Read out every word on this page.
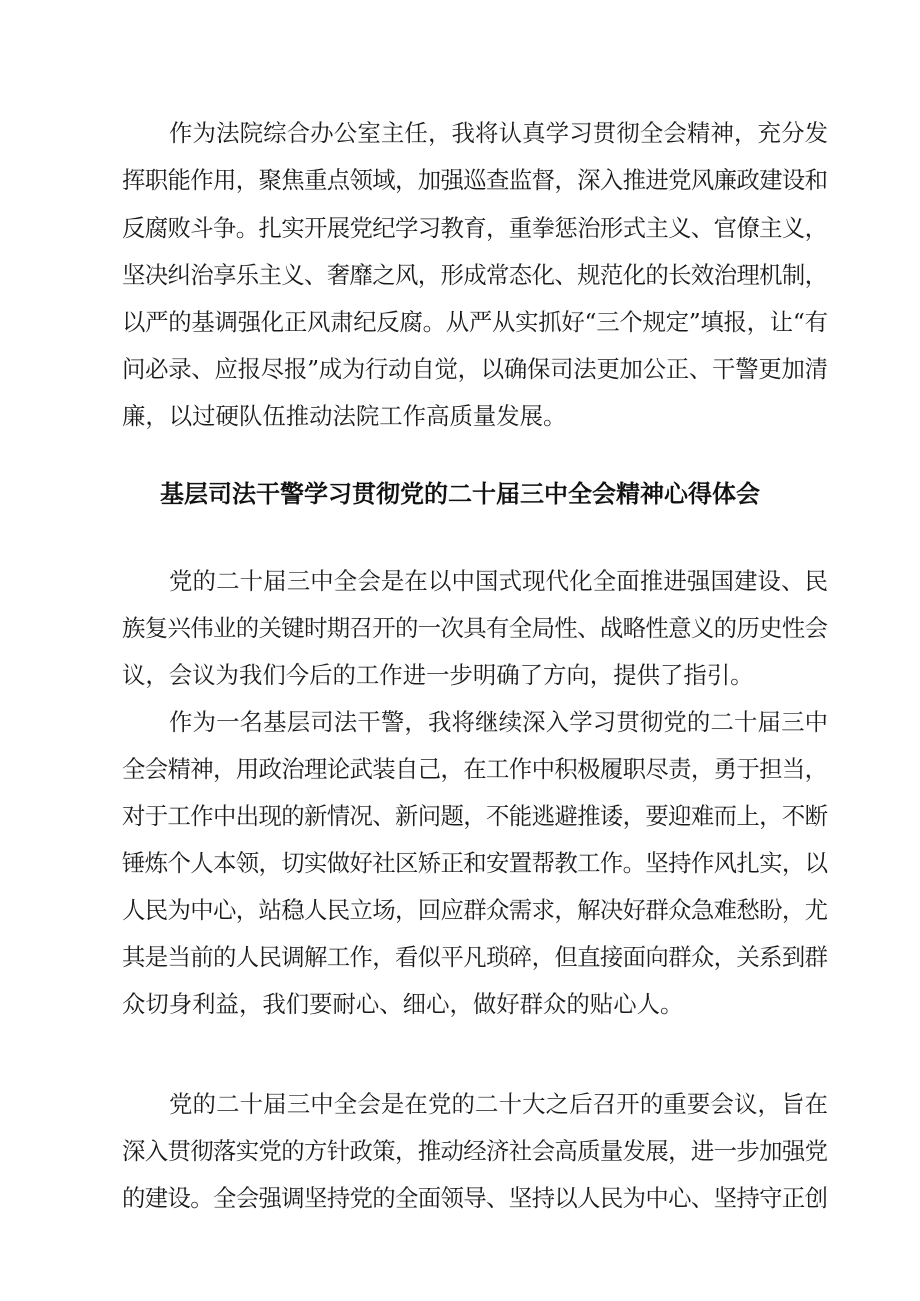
作为法院综合办公室主任，我将认真学习贯彻全会精神，充分发
挥职能作用，聚焦重点领域，加强巡查监督，深入推进党风廉政建设和
反腐败斗争。扎实开展党纪学习教育，重拳惩治形式主义、官僚主义，
坚决纠治享乐主义、奢靡之风，形成常态化、规范化的长效治理机制，
以严的基调强化正风肃纪反腐。从严从实抓好“三个规定”填报，让“有
问必录、应报尽报”成为行动自觉，以确保司法更加公正、干警更加清
廉，以过硬队伍推动法院工作高质量发展。
基层司法干警学习贯彻党的二十届三中全会精神心得体会
党的二十届三中全会是在以中国式现代化全面推进强国建设、民
族复兴伟业的关键时期召开的一次具有全局性、战略性意义的历史性会
议，会议为我们今后的工作进一步明确了方向，提供了指引。
作为一名基层司法干警，我将继续深入学习贯彻党的二十届三中
全会精神，用政治理论武装自己，在工作中积极履职尽责，勇于担当，
对于工作中出现的新情况、新问题，不能逃避推诿，要迎难而上，不断
锤炼个人本领，切实做好社区矫正和安置帮教工作。坚持作风扎实，以
人民为中心，站稳人民立场，回应群众需求，解决好群众急难愁盼，尤
其是当前的人民调解工作，看似平凡琐碎，但直接面向群众，关系到群
众切身利益，我们要耐心、细心，做好群众的贴心人。
党的二十届三中全会是在党的二十大之后召开的重要会议，旨在
深入贯彻落实党的方针政策，推动经济社会高质量发展，进一步加强党
的建设。全会强调坚持党的全面领导、坚持以人民为中心、坚持守正创
